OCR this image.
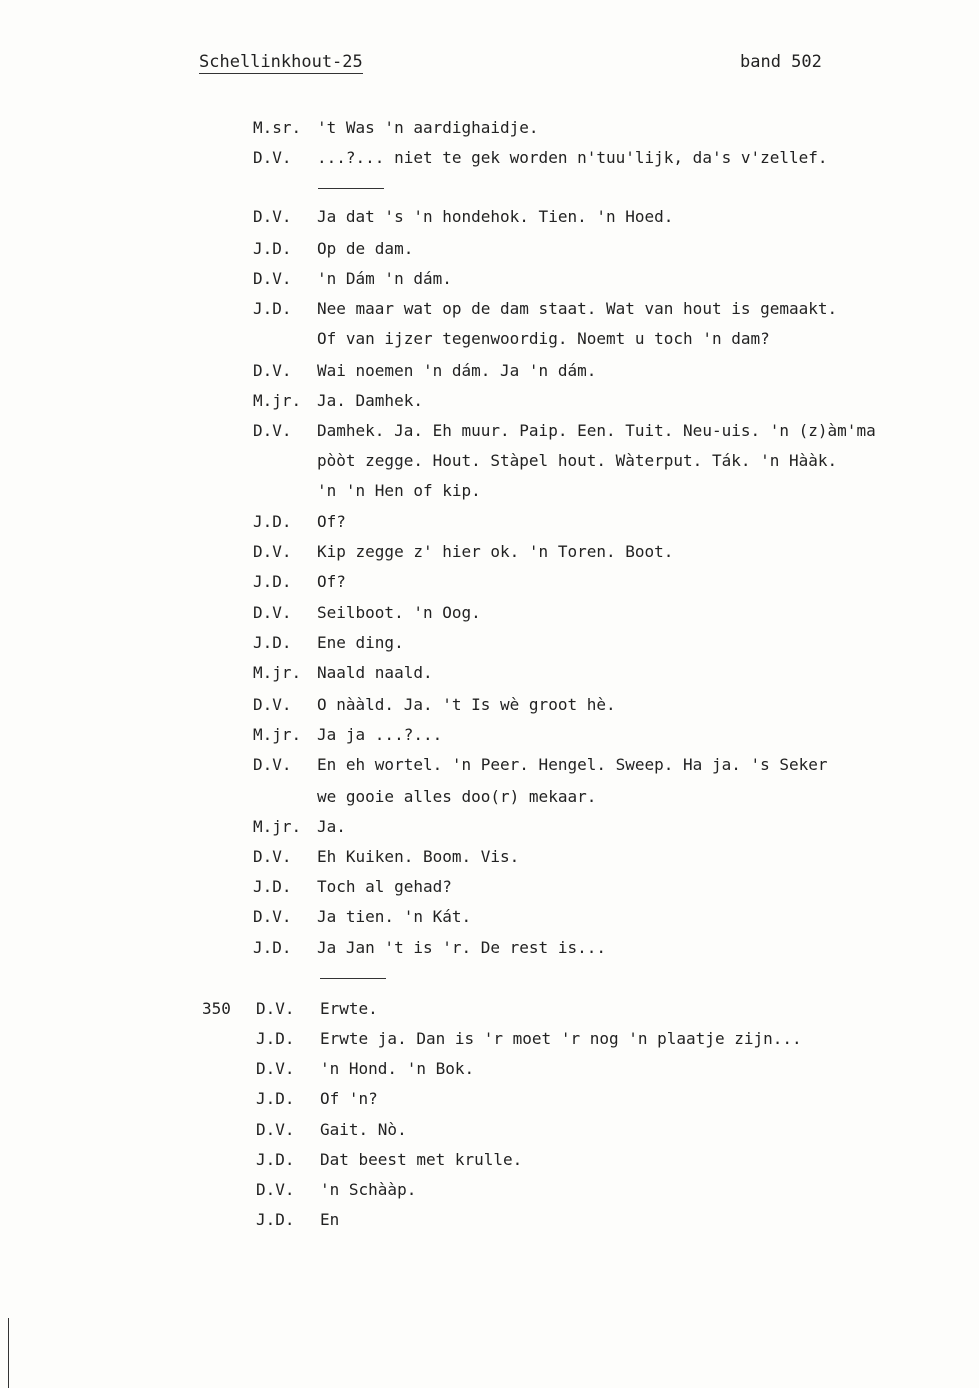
Schellinkhout-25	band 502
M.sr. 't Was 'n aardighaidje.
D.V. ...?... niet te gek worden n'tuu'lijk, da's v'zellef.
D.V. Ja dat 's 'n hondehok. Tien. 'n Hoed.
J.D. Op de dam.
D.V. 'n Dám 'n dám.
J.D. Nee maar wat op de dam staat. Wat van hout is gemaakt.
Of van ijzer tegenwoordig. Noemt u toch 'n dam?
D.V. Wai noemen 'n dám. Ja 'n dám.
M.jr. Ja. Damhek.
D.V. Damhek. Ja. Eh muur. Paip. Een. Tuit. Neu-uis. 'n (z)àm'ma
pòòt zegge. Hout. Stàpel hout. Wàterput. Ták. 'n Hààk.
'n 'n Hen of kip.
J.D. Of?
D.V. Kip zegge z' hier ok. 'n Toren. Boot.
J.D. Of?
D.V. Seilboot. 'n Oog.
J.D. Ene ding.
M.jr. Naald naald.
D.V. O nààld. Ja. 't Is wè groot hè.
M.jr. Ja ja ...?...
D.V. En eh wortel. 'n Peer. Hengel. Sweep. Ha ja. 's Seker
we gooie alles doo(r) mekaar.
M.jr. Ja.
D.V. Eh Kuiken. Boom. Vis.
J.D. Toch al gehad?
D.V. Ja tien. 'n Kát.
J.D. Ja Jan 't is 'r. De rest is...
350 D.V. Erwte.
J.D. Erwte ja. Dan is 'r moet 'r nog 'n plaatje zijn...
D.V. 'n Hond. 'n Bok.
J.D. Of 'n?
D.V. Gait. Nò.
J.D. Dat beest met krulle.
D.V. 'n Schààp.
J.D. En
